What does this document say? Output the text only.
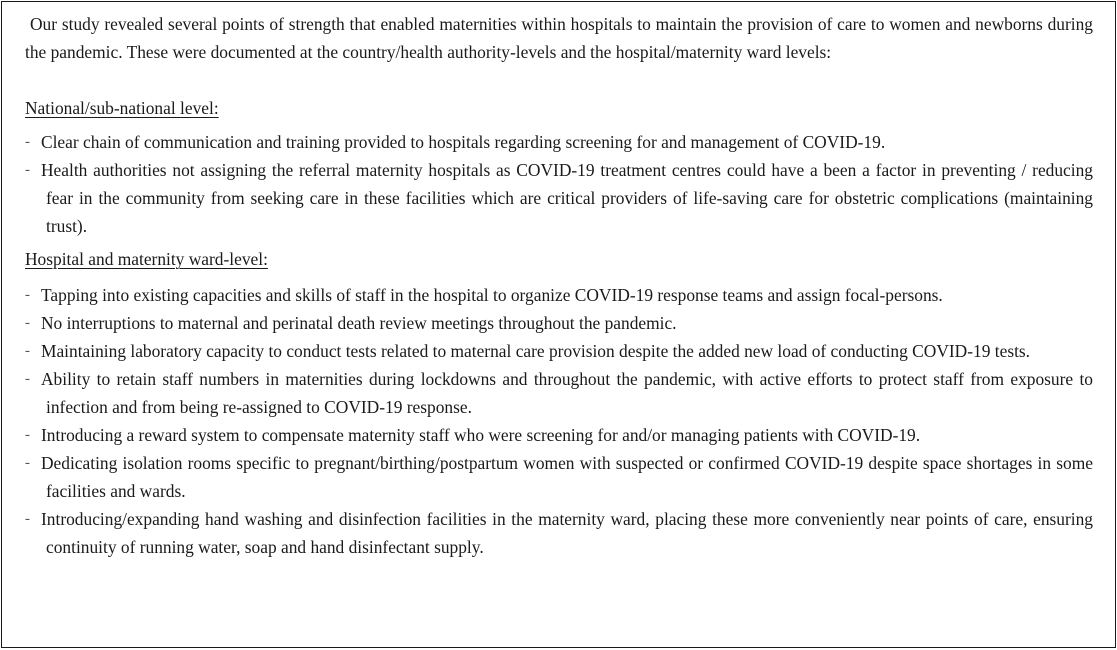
Our study revealed several points of strength that enabled maternities within hospitals to maintain the provision of care to women and newborns during the pandemic. These were documented at the country/health authority-levels and the hospital/maternity ward levels:

National/sub-national level:

- Clear chain of communication and training provided to hospitals regarding screening for and management of COVID-19.
- Health authorities not assigning the referral maternity hospitals as COVID-19 treatment centres could have a been a factor in preventing / reducing fear in the community from seeking care in these facilities which are critical providers of life-saving care for obstetric complications (maintaining trust).

Hospital and maternity ward-level:

- Tapping into existing capacities and skills of staff in the hospital to organize COVID-19 response teams and assign focal-persons.
- No interruptions to maternal and perinatal death review meetings throughout the pandemic.
- Maintaining laboratory capacity to conduct tests related to maternal care provision despite the added new load of conducting COVID-19 tests.
- Ability to retain staff numbers in maternities during lockdowns and throughout the pandemic, with active efforts to protect staff from exposure to infection and from being re-assigned to COVID-19 response.
- Introducing a reward system to compensate maternity staff who were screening for and/or managing patients with COVID-19.
- Dedicating isolation rooms specific to pregnant/birthing/postpartum women with suspected or confirmed COVID-19 despite space shortages in some facilities and wards.
- Introducing/expanding hand washing and disinfection facilities in the maternity ward, placing these more conveniently near points of care, ensuring continuity of running water, soap and hand disinfectant supply.
